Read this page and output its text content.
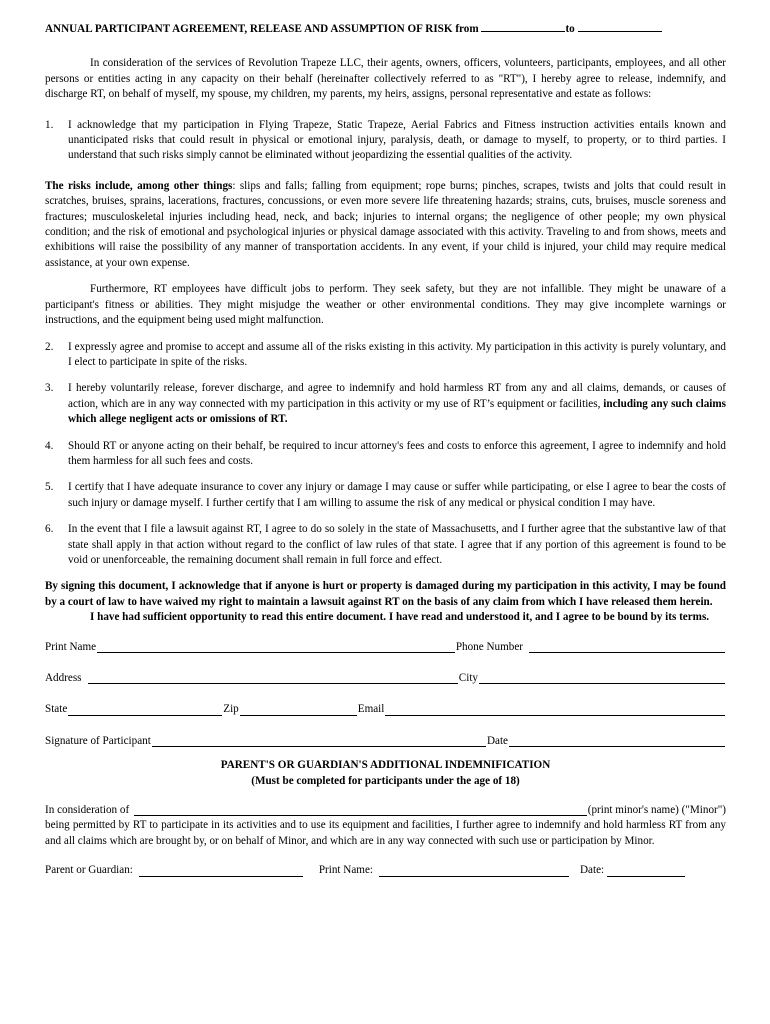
ANNUAL PARTICIPANT AGREEMENT, RELEASE AND ASSUMPTION OF RISK from	to

In consideration of the services of Revolution Trapeze LLC, their agents, owners, officers, volunteers, participants, employees, and all other persons or entities acting in any capacity on their behalf (hereinafter collectively referred to as "RT"), I hereby agree to release, indemnify, and discharge RT, on behalf of myself, my spouse, my children, my parents, my heirs, assigns, personal representative and estate as follows:

1.	I acknowledge that my participation in Flying Trapeze, Static Trapeze, Aerial Fabrics and Fitness instruction activities entails known and unanticipated risks that could result in physical or emotional injury, paralysis, death, or damage to myself, to property, or to third parties. I understand that such risks simply cannot be eliminated without jeopardizing the essential qualities of the activity.

The risks include, among other things: slips and falls; falling from equipment; rope burns; pinches, scrapes, twists and jolts that could result in scratches, bruises, sprains, lacerations, fractures, concussions, or even more severe life threatening hazards; strains, cuts, bruises, muscle soreness and fractures; musculoskeletal injuries including head, neck, and back; injuries to internal organs; the negligence of other people; my own physical condition; and the risk of emotional and psychological injuries or physical damage associated with this activity. Traveling to and from shows, meets and exhibitions will raise the possibility of any manner of transportation accidents. In any event, if your child is injured, your child may require medical assistance, at your own expense.

Furthermore, RT employees have difficult jobs to perform. They seek safety, but they are not infallible. They might be unaware of a participant's fitness or abilities. They might misjudge the weather or other environmental conditions. They may give incomplete warnings or instructions, and the equipment being used might malfunction.

2.	I expressly agree and promise to accept and assume all of the risks existing in this activity. My participation in this activity is purely voluntary, and I elect to participate in spite of the risks.
3.	I hereby voluntarily release, forever discharge, and agree to indemnify and hold harmless RT from any and all claims, demands, or causes of action, which are in any way connected with my participation in this activity or my use of RT’s equipment or facilities, including any such claims which allege negligent acts or omissions of RT.
4.	Should RT or anyone acting on their behalf, be required to incur attorney's fees and costs to enforce this agreement, I agree to indemnify and hold them harmless for all such fees and costs.
5.	I certify that I have adequate insurance to cover any injury or damage I may cause or suffer while participating, or else I agree to bear the costs of such injury or damage myself. I further certify that I am willing to assume the risk of any medical or physical condition I may have.
6.	In the event that I file a lawsuit against RT, I agree to do so solely in the state of Massachusetts, and I further agree that the substantive law of that state shall apply in that action without regard to the conflict of law rules of that state. I agree that if any portion of this agreement is found to be void or unenforceable, the remaining document shall remain in full force and effect.

By signing this document, I acknowledge that if anyone is hurt or property is damaged during my participation in this activity, I may be found by a court of law to have waived my right to maintain a lawsuit against RT on the basis of any claim from which I have released them herein.

I have had sufficient opportunity to read this entire document. I have read and understood it, and I agree to be bound by its terms.

Print Name	Phone Number
Address	City
State	Zip	Email
Signature of Participant	Date

PARENT'S OR GUARDIAN'S ADDITIONAL INDEMNIFICATION

(Must be completed for participants under the age of 18)

In consideration of	(print minor's name) ("Minor")

being permitted by RT to participate in its activities and to use its equipment and facilities, I further agree to indemnify and hold harmless RT from any and all claims which are brought by, or on behalf of Minor, and which are in any way connected with such use or participation by Minor.

Parent or Guardian:	Print Name:	Date:
